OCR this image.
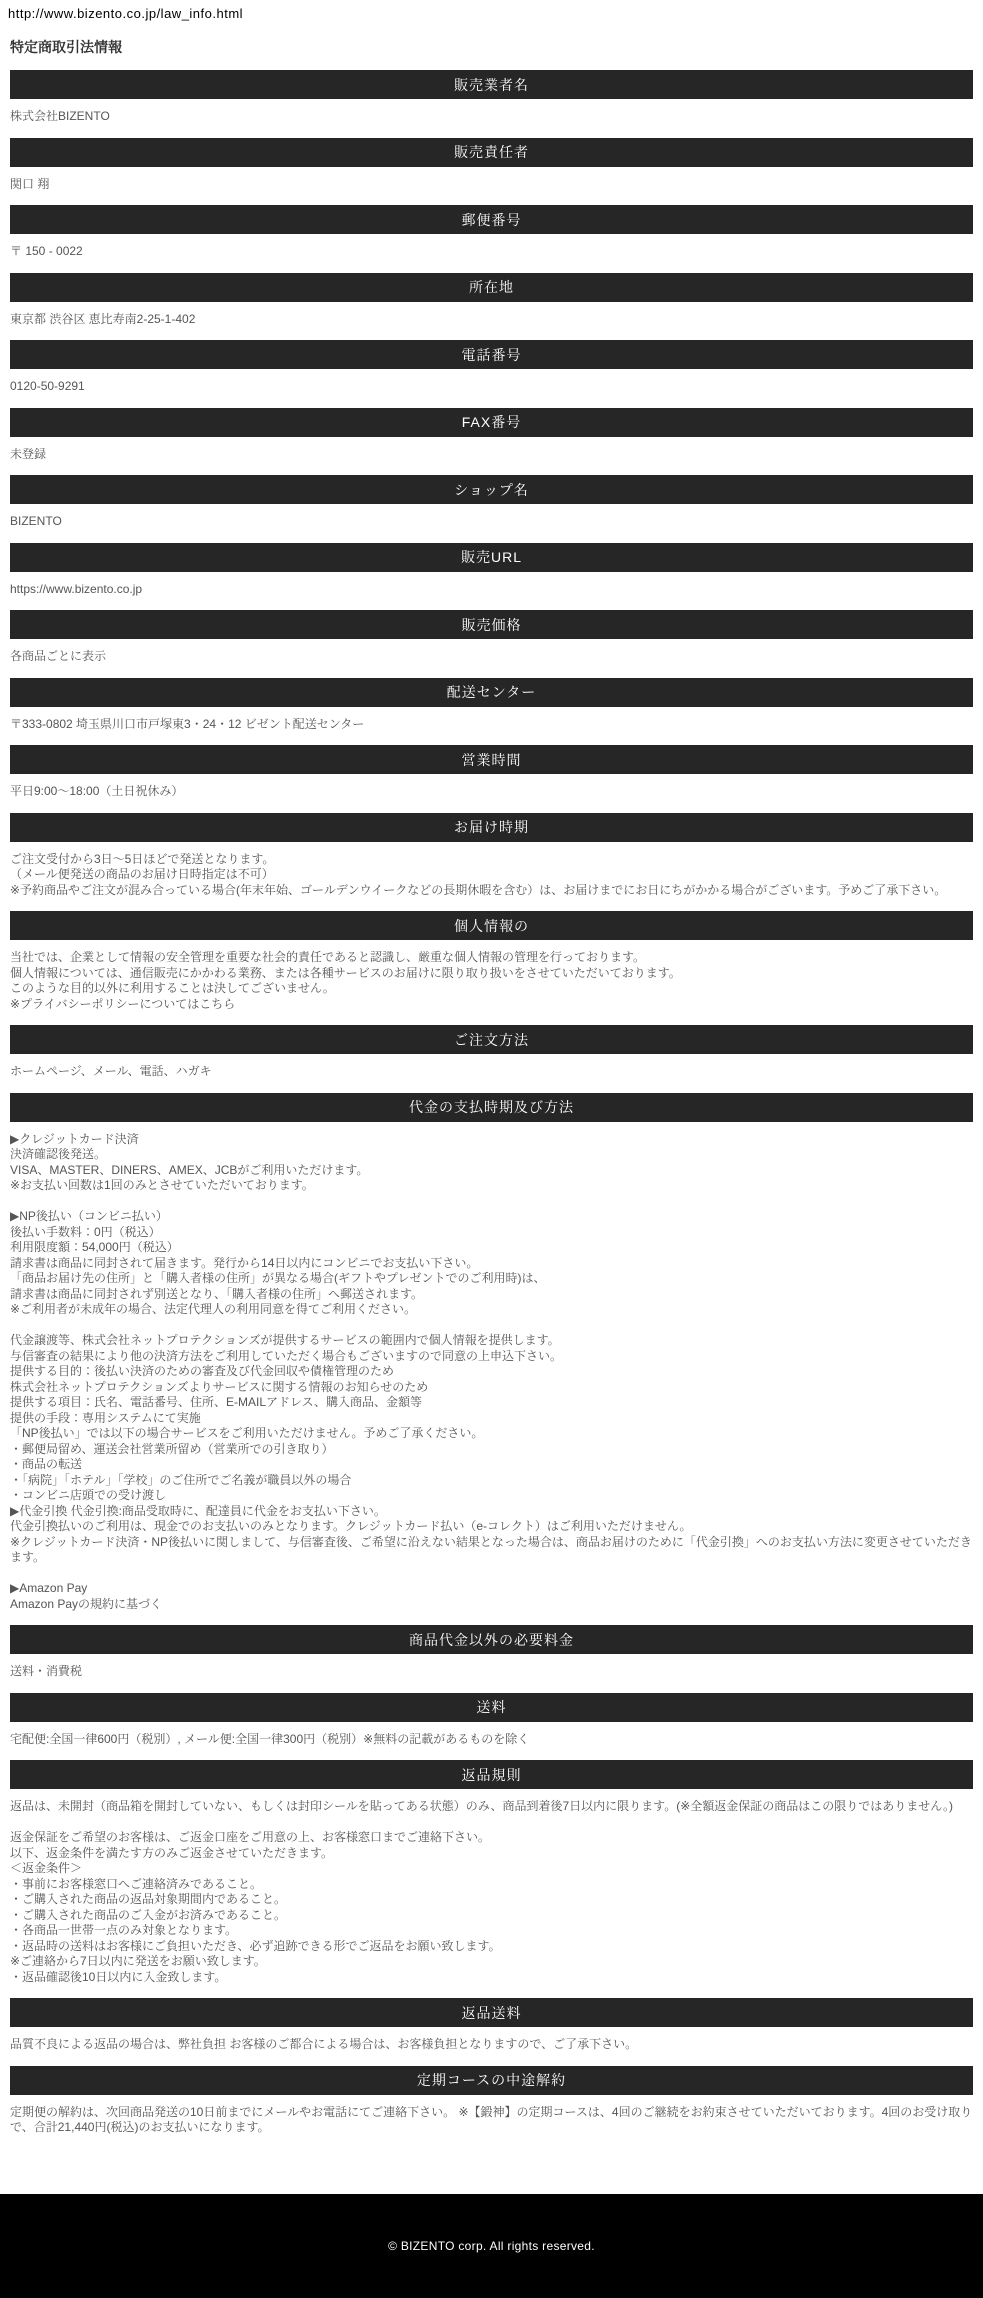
http://www.bizento.co.jp/law_info.html
特定商取引法情報
販売業者名
株式会社BIZENTO
販売責任者
関口 翔
郵便番号
〒 150 - 0022
所在地
東京都 渋谷区 恵比寿南2-25-1-402
電話番号
0120-50-9291
FAX番号
未登録
ショップ名
BIZENTO
販売URL
https://www.bizento.co.jp
販売価格
各商品ごとに表示
配送センター
〒333-0802 埼玉県川口市戸塚東3・24・12 ビゼント配送センター
営業時間
平日9:00～18:00（土日祝休み）
お届け時期
ご注文受付から3日～5日ほどで発送となります。
（メール便発送の商品のお届け日時指定は不可）
※予約商品やご注文が混み合っている場合(年末年始、ゴールデンウイークなどの長期休暇を含む）は、お届けまでにお日にちがかかる場合がございます。予めご了承下さい。
個人情報の
当社では、企業として情報の安全管理を重要な社会的責任であると認識し、厳重な個人情報の管理を行っております。
個人情報については、通信販売にかかわる業務、または各種サービスのお届けに限り取り扱いをさせていただいております。
このような目的以外に利用することは決してございません。
※プライバシーポリシーについてはこちら
ご注文方法
ホームページ、メール、電話、ハガキ
代金の支払時期及び方法
▶クレジットカード決済
決済確認後発送。
VISA、MASTER、DINERS、AMEX、JCBがご利用いただけます。
※お支払い回数は1回のみとさせていただいております。
▶NP後払い（コンビニ払い）
後払い手数料：0円（税込）
利用限度額：54,000円（税込）
請求書は商品に同封されて届きます。発行から14日以内にコンビニでお支払い下さい。
「商品お届け先の住所」と「購入者様の住所」が異なる場合(ギフトやプレゼントでのご利用時)は、
請求書は商品に同封されず別送となり、「購入者様の住所」へ郵送されます。
※ご利用者が未成年の場合、法定代理人の利用同意を得てご利用ください。
代金譲渡等、株式会社ネットプロテクションズが提供するサービスの範囲内で個人情報を提供します。
与信審査の結果により他の決済方法をご利用していただく場合もございますので同意の上申込下さい。
提供する目的：後払い決済のための審査及び代金回収や債権管理のため
株式会社ネットプロテクションズよりサービスに関する情報のお知らせのため
提供する項目：氏名、電話番号、住所、E-MAILアドレス、購入商品、金額等
提供の手段：専用システムにて実施
「NP後払い」では以下の場合サービスをご利用いただけません。予めご了承ください。
・郵便局留め、運送会社営業所留め（営業所での引き取り）
・商品の転送
・「病院」「ホテル」「学校」のご住所でご名義が職員以外の場合
・コンビニ店頭での受け渡し
▶代金引換 代金引換:商品受取時に、配達員に代金をお支払い下さい。
代金引換払いのご利用は、現金でのお支払いのみとなります。クレジットカード払い（e-コレクト）はご利用いただけません。
※クレジットカード決済・NP後払いに関しまして、与信審査後、ご希望に沿えない結果となった場合は、商品お届けのために「代金引換」へのお支払い方法に変更させていただきます。
▶Amazon Pay
Amazon Payの規約に基づく
商品代金以外の必要料金
送料・消費税
送料
宅配便:全国一律600円（税別）, メール便:全国一律300円（税別）※無料の記載があるものを除く
返品規則
返品は、未開封（商品箱を開封していない、もしくは封印シールを貼ってある状態）のみ、商品到着後7日以内に限ります。(※全額返金保証の商品はこの限りではありません。)
返金保証をご希望のお客様は、ご返金口座をご用意の上、お客様窓口までご連絡下さい。
以下、返金条件を満たす方のみご返金させていただきます。
＜返金条件＞
・事前にお客様窓口へご連絡済みであること。
・ご購入された商品の返品対象期間内であること。
・ご購入された商品のご入金がお済みであること。
・各商品一世帯一点のみ対象となります。
・返品時の送料はお客様にご負担いただき、必ず追跡できる形でご返品をお願い致します。
※ご連絡から7日以内に発送をお願い致します。
・返品確認後10日以内に入金致します。
返品送料
品質不良による返品の場合は、弊社負担 お客様のご都合による場合は、お客様負担となりますので、ご了承下さい。
定期コースの中途解約
定期便の解約は、次回商品発送の10日前までにメールやお電話にてご連絡下さい。 ※【鍛神】の定期コースは、4回のご継続をお約束させていただいております。4回のお受け取りで、合計21,440円(税込)のお支払いになります。
© BIZENTO corp. All rights reserved.
